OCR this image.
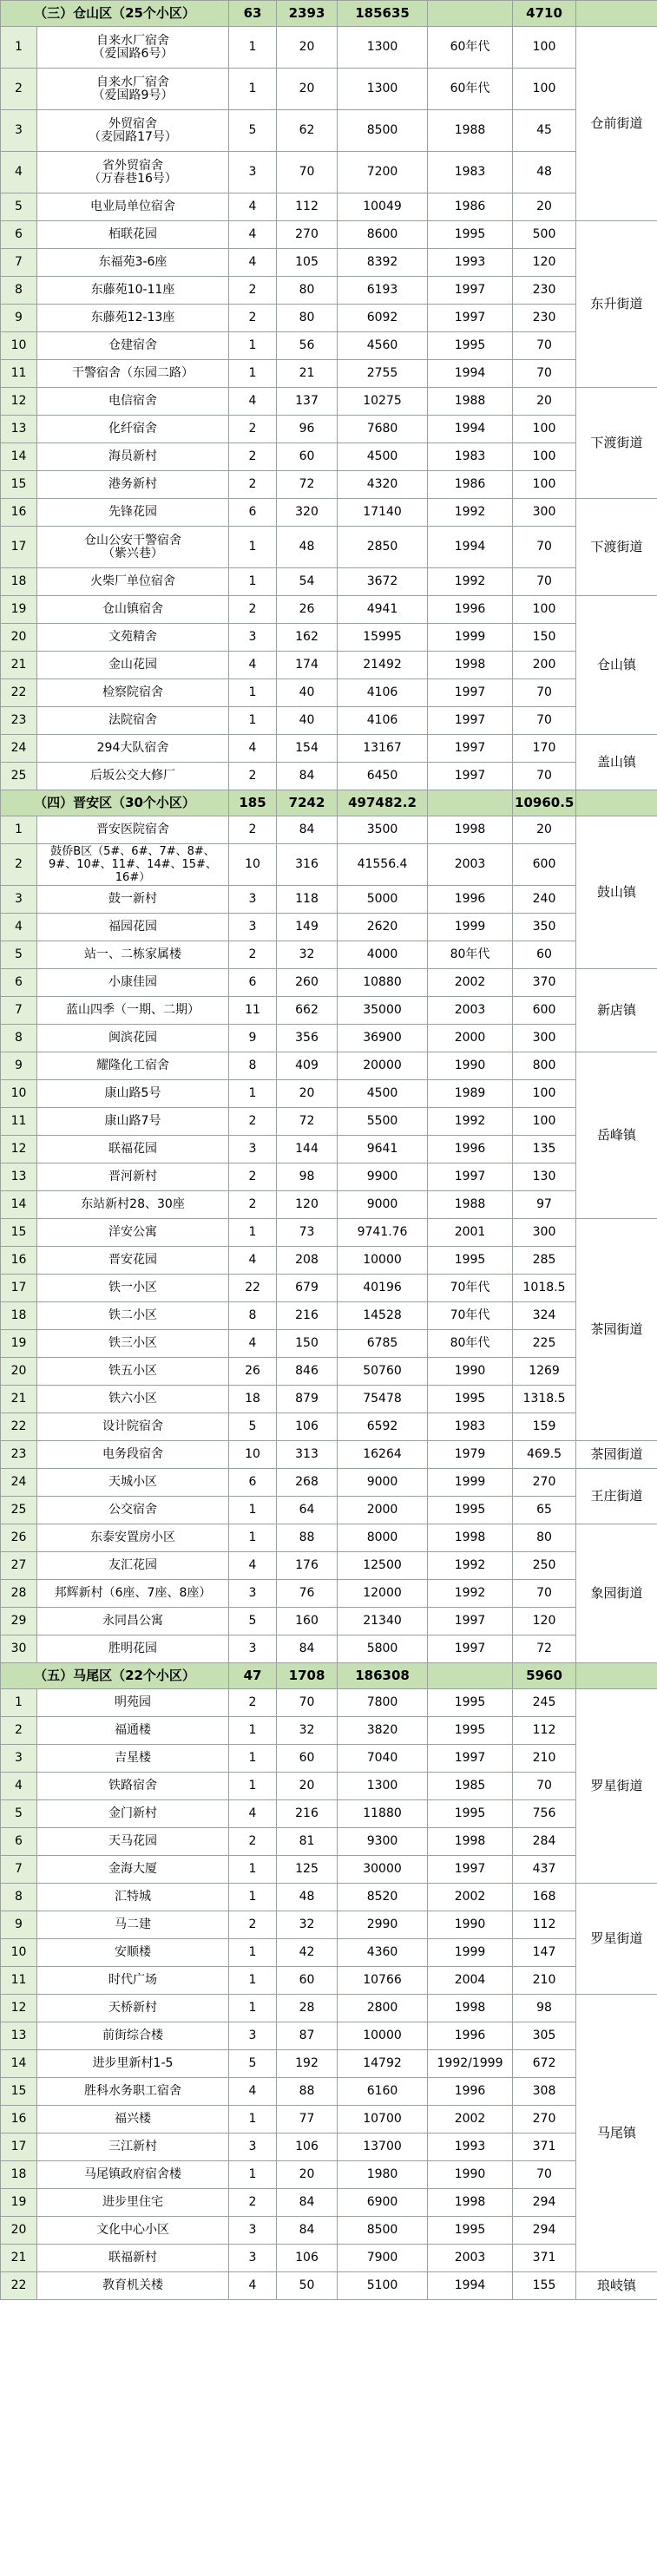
（三）仓山区（25个小区）		63	2393	185635		4710	
1	自来水厂宿舍
（爱国路6号）	1	20	1300	60年代	100	仓前街道
2	自来水厂宿舍
（爱国路9号）	1	20	1300	60年代	100	
3	外贸宿舍
（麦园路17号）	5	62	8500	1988	45	
4	省外贸宿舍
（万春巷16号）	3	70	7200	1983	48	
5	电业局单位宿舍	4	112	10049	1986	20	
6	栢联花园	4	270	8600	1995	500	东升街道
7	东福苑3-6座	4	105	8392	1993	120	
8	东藤苑10-11座	2	80	6193	1997	230	
9	东藤苑12-13座	2	80	6092	1997	230	
10	仓建宿舍	1	56	4560	1995	70	
11	干警宿舍（东园二路）	1	21	2755	1994	70	
12	电信宿舍	4	137	10275	1988	20	下渡街道
13	化纤宿舍	2	96	7680	1994	100	
14	海员新村	2	60	4500	1983	100	
15	港务新村	2	72	4320	1986	100	
16	先锋花园	6	320	17140	1992	300	下渡街道
17	仓山公安干警宿舍
（紫兴巷）	1	48	2850	1994	70	
18	火柴厂单位宿舍	1	54	3672	1992	70	
19	仓山镇宿舍	2	26	4941	1996	100	仓山镇
20	文苑精舍	3	162	15995	1999	150	
21	金山花园	4	174	21492	1998	200	
22	检察院宿舍	1	40	4106	1997	70	
23	法院宿舍	1	40	4106	1997	70	
24	294大队宿舍	4	154	13167	1997	170	盖山镇
25	后坂公交大修厂	2	84	6450	1997	70	
（四）晋安区（30个小区）		185	7242	497482.2		10960.5	
1	晋安医院宿舍	2	84	3500	1998	20	鼓山镇
2	鼓侨B区（5#、6#、7#、8#、9#、10#、11#、14#、15#、16#）	10	316	41556.4	2003	600	
3	鼓一新村	3	118	5000	1996	240	
4	福园花园	3	149	2620	1999	350	
5	站一、二栋家属楼	2	32	4000	80年代	60	
6	小康佳园	6	260	10880	2002	370	新店镇
7	蓝山四季（一期、二期）	11	662	35000	2003	600	
8	闽滨花园	9	356	36900	2000	300	
9	耀隆化工宿舍	8	409	20000	1990	800	岳峰镇
10	康山路5号	1	20	4500	1989	100	
11	康山路7号	2	72	5500	1992	100	
12	联福花园	3	144	9641	1996	135	
13	晋河新村	2	98	9900	1997	130	
14	东站新村28、30座	2	120	9000	1988	97	
15	洋安公寓	1	73	9741.76	2001	300	茶园街道
16	晋安花园	4	208	10000	1995	285	
17	铁一小区	22	679	40196	70年代	1018.5	
18	铁二小区	8	216	14528	70年代	324	
19	铁三小区	4	150	6785	80年代	225	
20	铁五小区	26	846	50760	1990	1269	
21	铁六小区	18	879	75478	1995	1318.5	
22	设计院宿舍	5	106	6592	1983	159	
23	电务段宿舍	10	313	16264	1979	469.5	茶园街道
24	天城小区	6	268	9000	1999	270	王庄街道
25	公交宿舍	1	64	2000	1995	65	
26	东泰安置房小区	1	88	8000	1998	80	象园街道
27	友汇花园	4	176	12500	1992	250	
28	邦辉新村（6座、7座、8座）	3	76	12000	1992	70	
29	永同昌公寓	5	160	21340	1997	120	
30	胜明花园	3	84	5800	1997	72	
（五）马尾区（22个小区）		47	1708	186308		5960	
1	明苑园	2	70	7800	1995	245	罗星街道
2	福通楼	1	32	3820	1995	112	
3	吉星楼	1	60	7040	1997	210	
4	铁路宿舍	1	20	1300	1985	70	
5	金门新村	4	216	11880	1995	756	
6	天马花园	2	81	9300	1998	284	
7	金海大厦	1	125	30000	1997	437	
8	汇特城	1	48	8520	2002	168	罗星街道
9	马二建	2	32	2990	1990	112	
10	安顺楼	1	42	4360	1999	147	
11	时代广场	1	60	10766	2004	210	
12	天桥新村	1	28	2800	1998	98	马尾镇
13	前街综合楼	3	87	10000	1996	305	
14	进步里新村1-5	5	192	14792	1992/1999	672	
15	胜科水务职工宿舍	4	88	6160	1996	308	
16	福兴楼	1	77	10700	2002	270	
17	三江新村	3	106	13700	1993	371	
18	马尾镇政府宿舍楼	1	20	1980	1990	70	
19	进步里住宅	2	84	6900	1998	294	
20	文化中心小区	3	84	8500	1995	294	
21	联福新村	3	106	7900	2003	371	
22	教育机关楼	4	50	5100	1994	155	琅岐镇
